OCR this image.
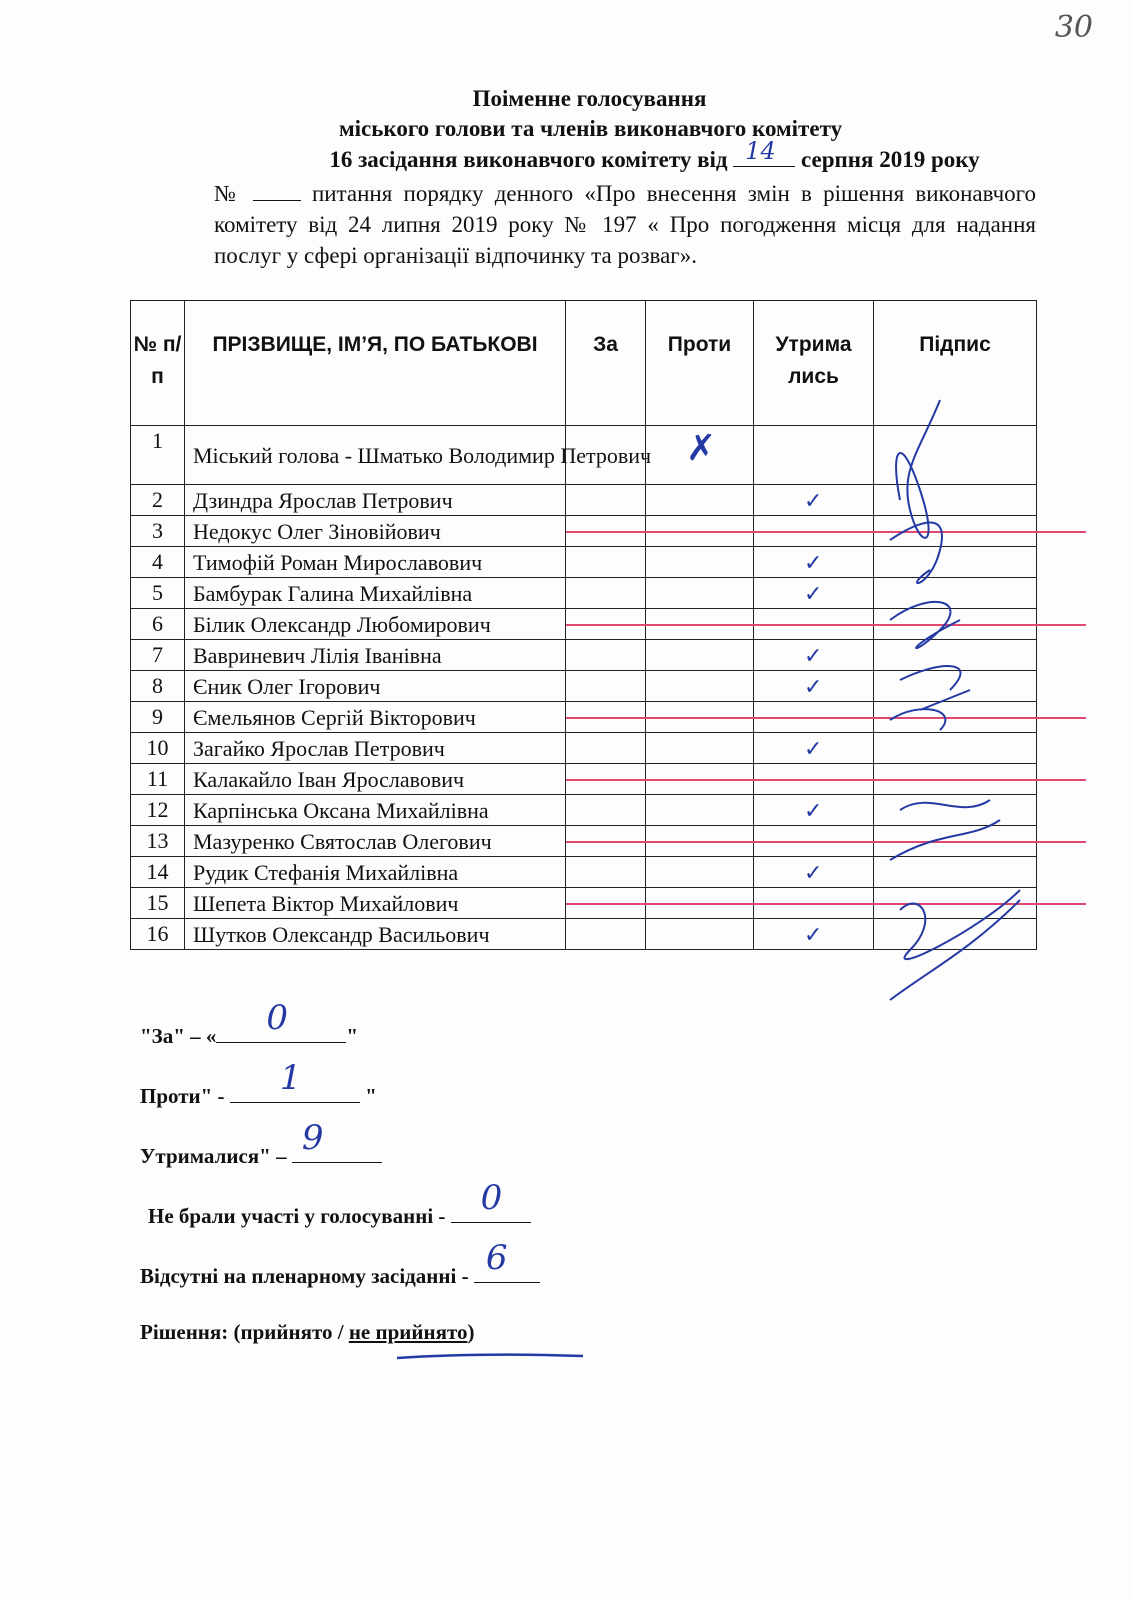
30
Поіменне голосування
міського голови та членів виконавчого комітету
16 засідання виконавчого комітету від 14 серпня 2019 року
№	питання порядку денного «Про внесення змін в рішення виконавчого комітету від 24 липня 2019 року № 197 « Про погодження місця для надання послуг у сфері організації відпочинку та розваг».
№ п/ п	ПРІЗВИЩЕ, ІМ’Я, ПО БАТЬКОВІ	За	Проти	Утрима лись	Підпис
1	Міський голова - Шматько Володимир Петрович		✗		

2	Дзиндра Ярослав Петрович			✓	

3	Недокус Олег Зіновійович				
4	Тимофій Роман Мирославович			✓	

5	Бамбурак Галина Михайлівна			✓	

6	Білик Олександр Любомирович				
7	Вавриневич Лілія Іванівна			✓	

8	Єник Олег Ігорович			✓	

9	Ємельянов Сергій Вікторович				
10	Загайко Ярослав Петрович			✓	

11	Калакайло Іван Ярославович				
12	Карпінська Оксана Михайлівна			✓	

13	Мазуренко Святослав Олегович				
14	Рудик Стефанія Михайлівна			✓	

15	Шепета Віктор Михайлович				
16	Шутков Олександр Васильович			✓	

"За" – « 0	"
Проти" - 1	"
Утрималися" – 9
Не брали участі у голосуванні - 0
Відсутні на пленарному засіданні - 6
Рішення: (прийнято / не прийнято)
